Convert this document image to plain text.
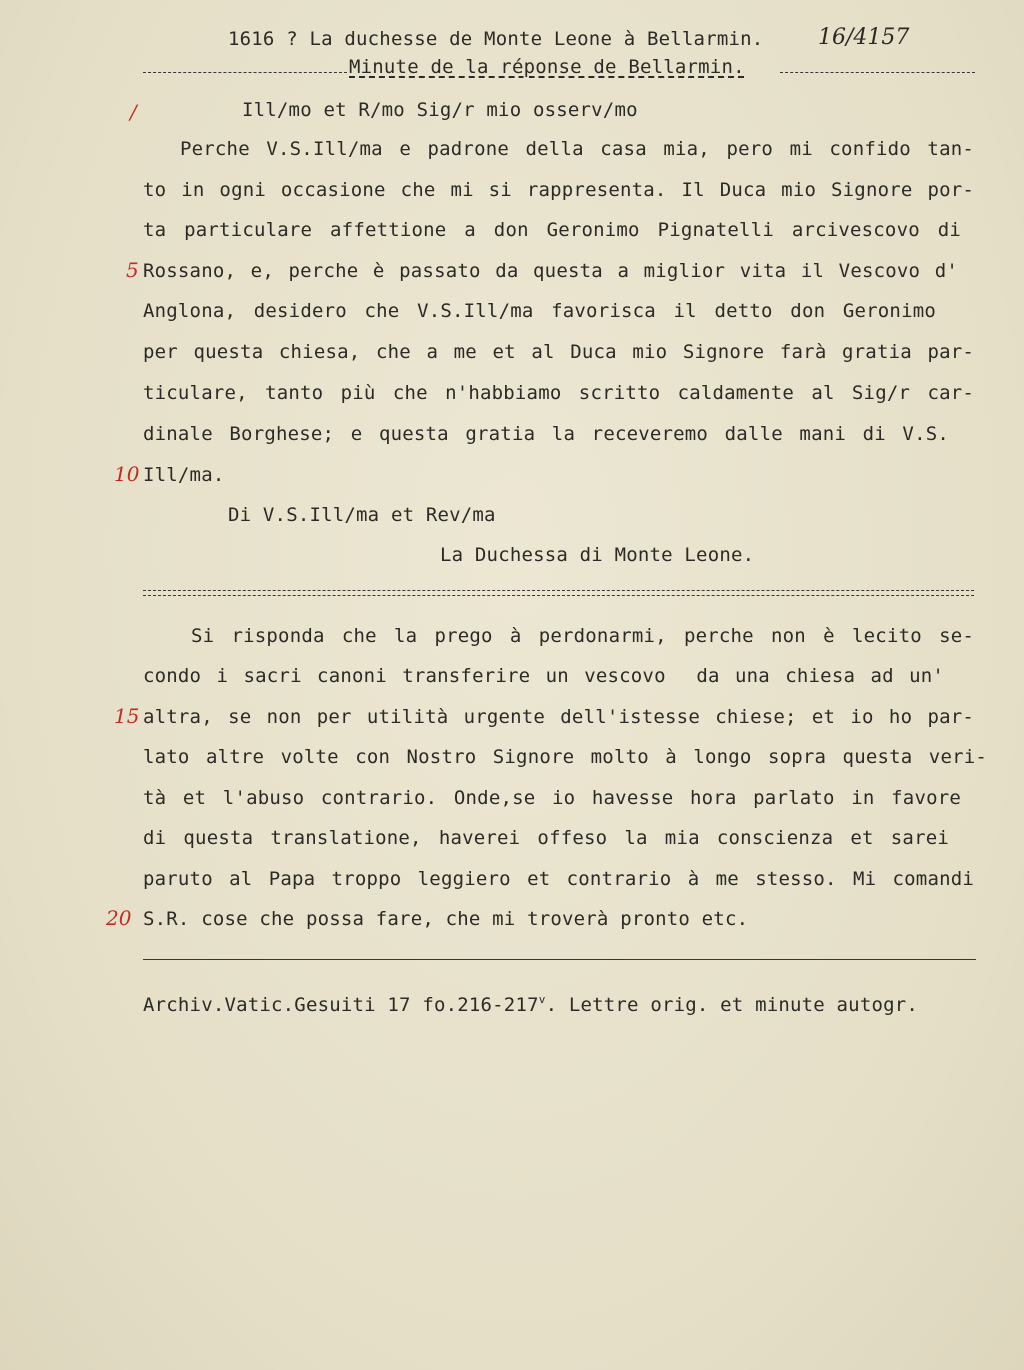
1616 ? La duchesse de Monte Leone à Bellarmin. 16/4157
Minute de la réponse de Bellarmin.
/
5
10
15
20
Ill/mo et R/mo Sig/r mio osserv/mo
Perche V.S.Ill/ma e padrone della casa mia, pero mi confido tan-
to in ogni occasione che mi si rappresenta. Il Duca mio Signore por-
ta particulare affettione a don Geronimo Pignatelli arcivescovo di
Rossano, e, perche è passato da questa a miglior vita il Vescovo d'
Anglona, desidero che V.S.Ill/ma favorisca il detto don Geronimo
per questa chiesa, che a me et al Duca mio Signore farà gratia par-
ticulare, tanto più che n'habbiamo scritto caldamente al Sig/r car-
dinale Borghese; e questa gratia la receveremo dalle mani di V.S.
Ill/ma.
Di V.S.Ill/ma et Rev/ma
La Duchessa di Monte Leone.
Si risponda che la prego à perdonarmi, perche non è lecito se-
condo i sacri canoni transferire un vescovo  da una chiesa ad un'
altra, se non per utilità urgente dell'istesse chiese; et io ho par-
lato altre volte con Nostro Signore molto à longo sopra questa veri-
tà et l'abuso contrario. Onde,se io havesse hora parlato in favore
di questa translatione, haverei offeso la mia conscienza et sarei
paruto al Papa troppo leggiero et contrario à me stesso. Mi comandi
S.R. cose che possa fare, che mi troverà pronto etc.
Archiv.Vatic.Gesuiti 17 fo.216-217$^v$. Lettre orig. et minute autogr.
